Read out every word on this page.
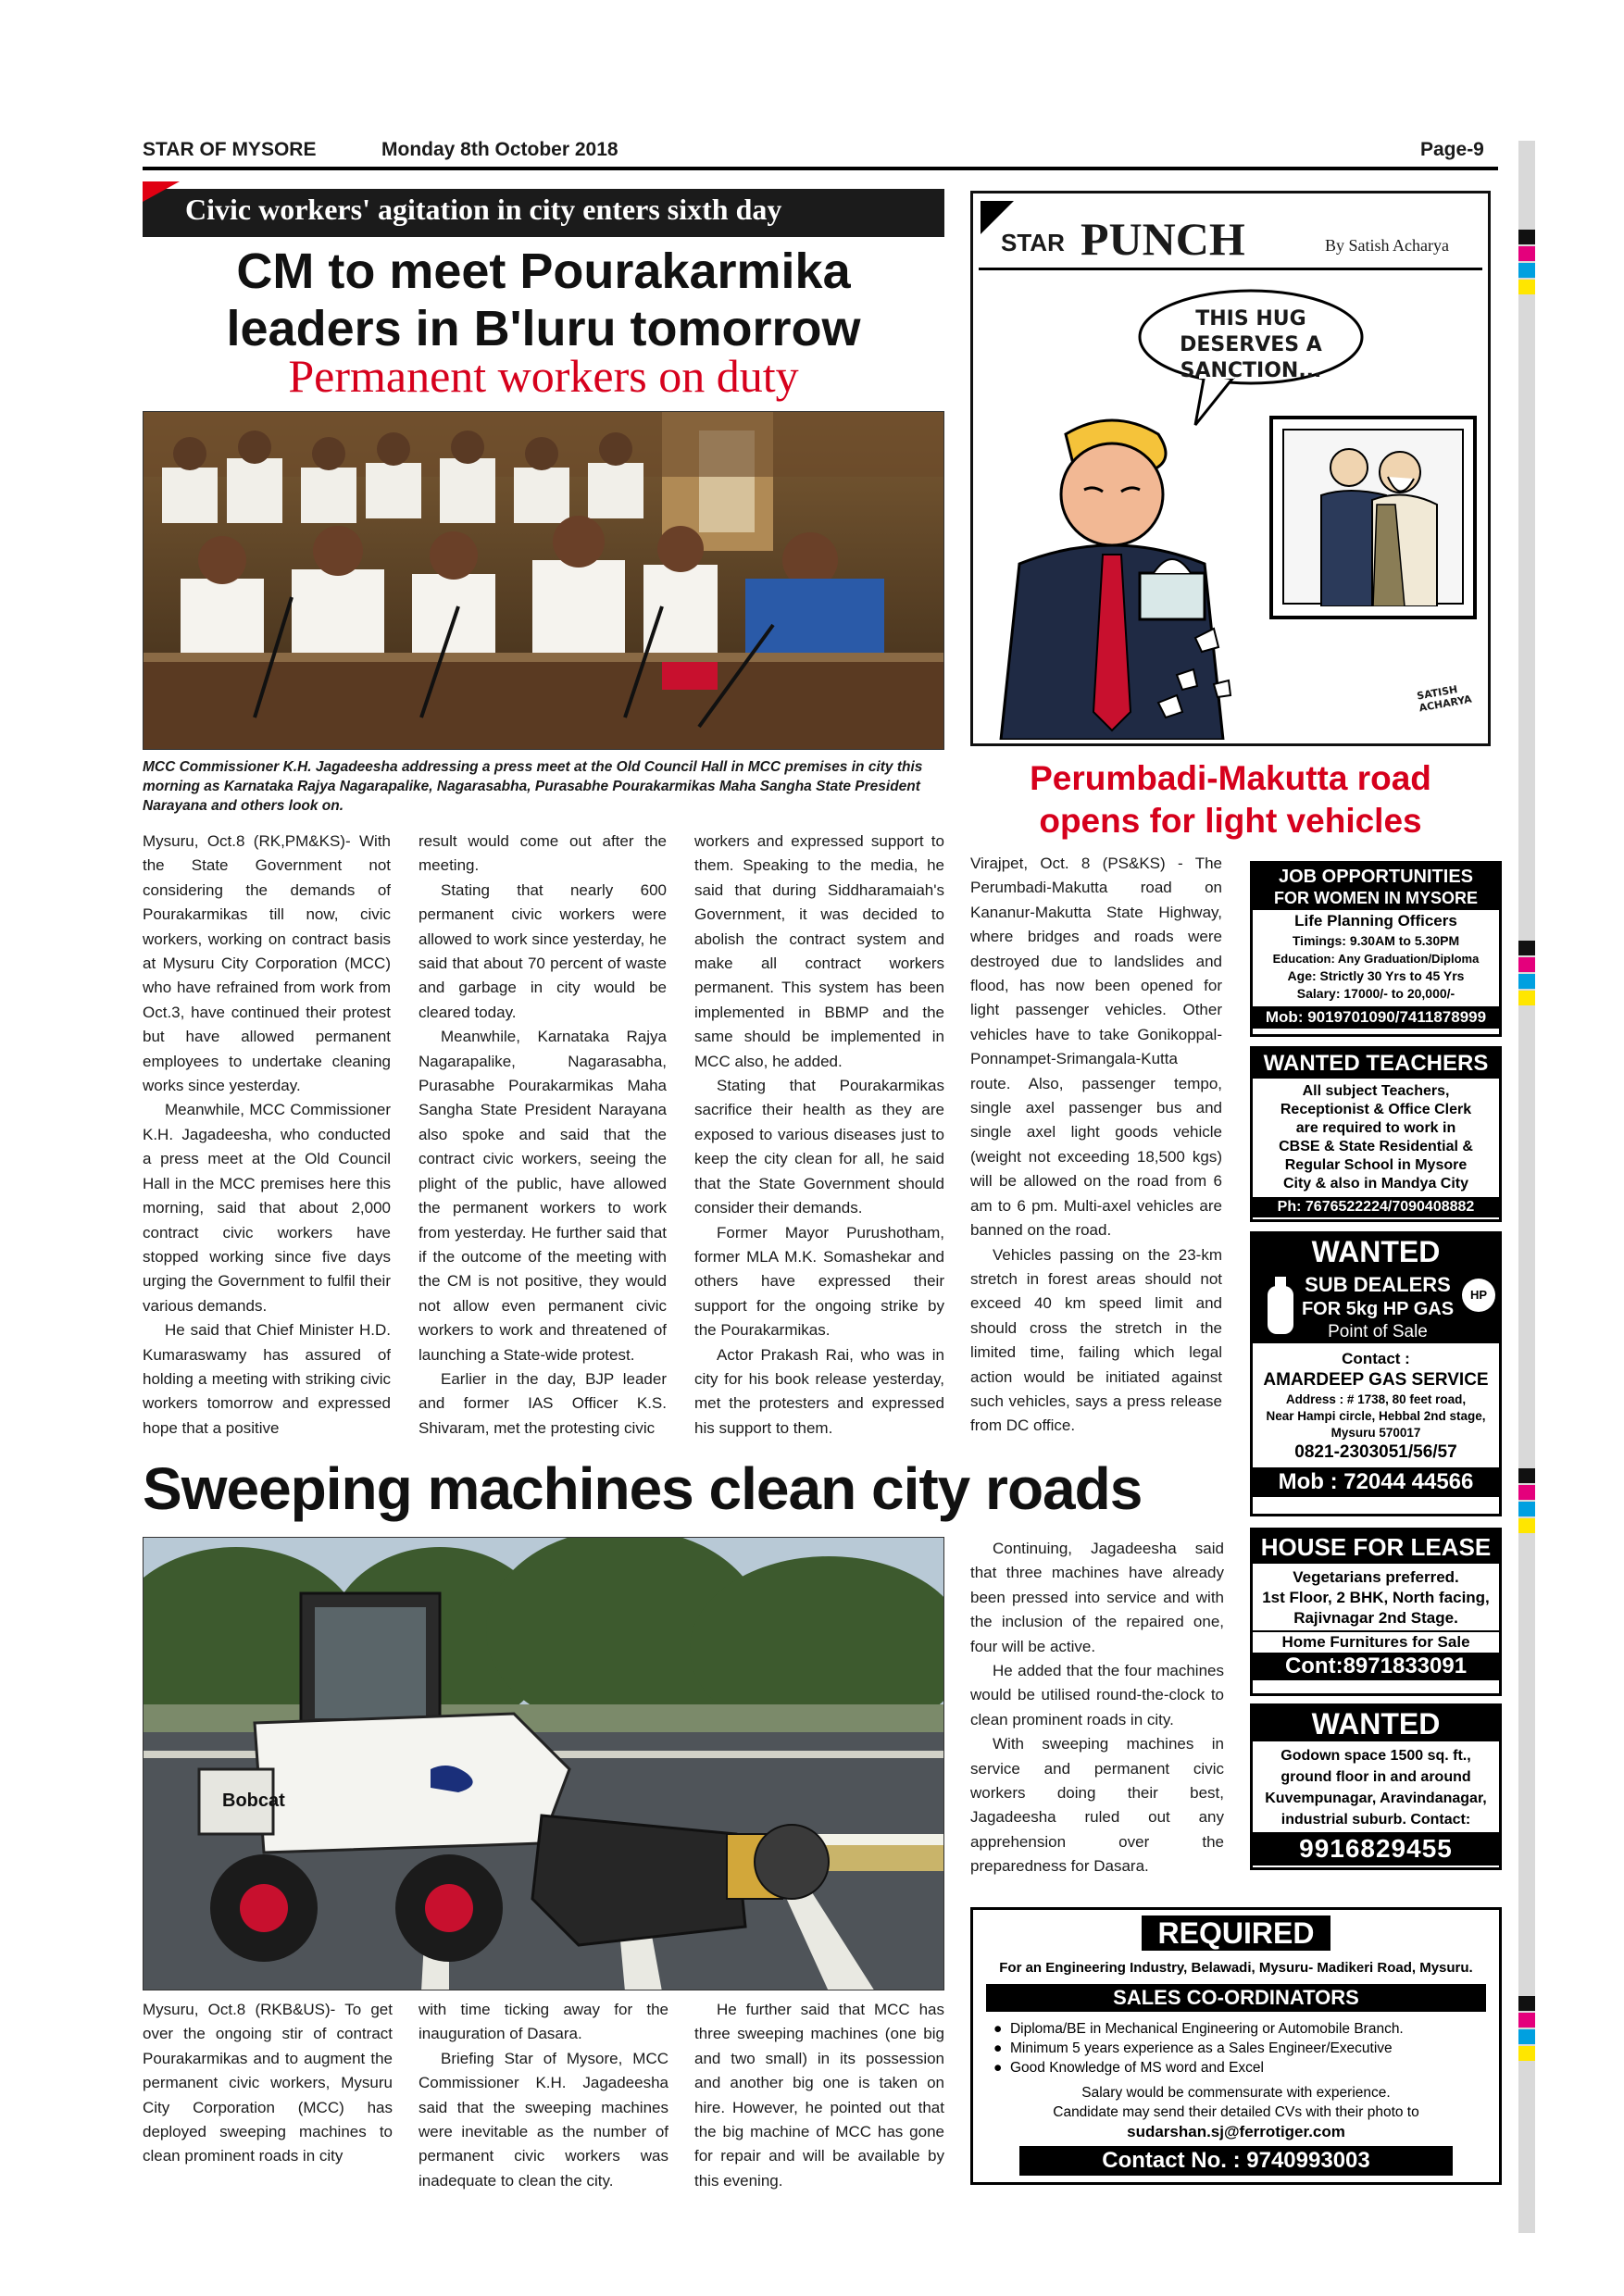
STAR OF MYSORE	Monday 8th October 2018	Page-9
Civic workers' agitation in city enters sixth day
CM to meet Pourakarmika
leaders in B'luru tomorrow
Permanent workers on duty
MCC Commissioner K.H. Jagadeesha addressing a press meet at the Old Council Hall in MCC premises in city this morning as Karnataka Rajya Nagarapalike, Nagarasabha, Purasabhe Pourakarmikas Maha Sangha State President Narayana and others look on.

Mysuru, Oct.8 (RK,PM&KS)- With the State Government not considering the demands of Pourakarmikas till now, civic workers, working on contract basis at Mysuru City Corporation (MCC) who have refrained from work from Oct.3, have continued their protest but have allowed permanent employees to undertake cleaning works since yesterday.

Meanwhile, MCC Commissioner K.H. Jagadeesha, who conducted a press meet at the Old Council Hall in the MCC premises here this morning, said that about 2,000 contract civic workers have stopped working since five days urging the Government to fulfil their various demands.

He said that Chief Minister H.D. Kumaraswamy has assured of holding a meeting with striking civic workers tomorrow and expressed hope that a positive

result would come out after the meeting.

Stating that nearly 600 permanent civic workers were allowed to work since yesterday, he said that about 70 percent of waste and garbage in city would be cleared today.

Meanwhile, Karnataka Rajya Nagarapalike, Nagarasabha, Purasabhe Pourakarmikas Maha Sangha State President Narayana also spoke and said that the contract civic workers, seeing the plight of the public, have allowed the permanent workers to work from yesterday. He further said that if the outcome of the meeting with the CM is not positive, they would not allow even permanent civic workers to work and threatened of launching a State-wide protest.

Earlier in the day, BJP leader and former IAS Officer K.S. Shivaram, met the protesting civic

workers and expressed support to them. Speaking to the media, he said that during Siddharamaiah's Government, it was decided to abolish the contract system and make all contract workers permanent. This system has been implemented in BBMP and the same should be implemented in MCC also, he added.

Stating that Pourakarmikas sacrifice their health as they are exposed to various diseases just to keep the city clean for all, he said that the State Government should consider their demands.

Former Mayor Purushotham, former MLA M.K. Somashekar and others have expressed their support for the ongoing strike by the Pourakarmikas.

Actor Prakash Rai, who was in city for his book release yesterday, met the protesters and expressed his support to them.

STAR PUNCH	By Satish Acharya
THIS HUG DESERVES A SANCTION...
SATISH ACHARYA
Perumbadi-Makutta road
opens for light vehicles

Virajpet, Oct. 8 (PS&KS) - The Perumbadi-Makutta road on Kananur-Makutta State Highway, where bridges and roads were destroyed due to landslides and flood, has now been opened for light passenger vehicles. Other vehicles have to take Gonikoppal-Ponnampet-Srimangala-Kutta route. Also, passenger tempo, single axel passenger bus and single axel light goods vehicle (weight not exceeding 18,500 kgs) will be allowed on the road from 6 am to 6 pm. Multi-axel vehicles are banned on the road.

Vehicles passing on the 23-km stretch in forest areas should not exceed 40 km speed limit and should cross the stretch in the limited time, failing which legal action would be initiated against such vehicles, says a press release from DC office.

JOB OPPORTUNITIES
FOR WOMEN IN MYSORE
Life Planning Officers
Timings: 9.30AM to 5.30PM
Education: Any Graduation/Diploma
Age: Strictly 30 Yrs to 45 Yrs
Salary: 17000/- to 20,000/-
Mob: 9019701090/7411878999
WANTED TEACHERS
All subject Teachers,
Receptionist & Office Clerk
are required to work in
CBSE & State Residential &
Regular School in Mysore
City & also in Mandya City
Ph: 7676522224/7090408882
WANTED
SUB DEALERS
FOR 5kg HP GAS
Point of Sale
HP
Contact :
AMARDEEP GAS SERVICE
Address : # 1738, 80 feet road,
Near Hampi circle, Hebbal 2nd stage,
Mysuru 570017
0821-2303051/56/57
Mob : 72044 44566
HOUSE FOR LEASE
Vegetarians preferred.
1st Floor, 2 BHK, North facing,
Rajivnagar 2nd Stage.
Home Furnitures for Sale
Cont:8971833091
WANTED
Godown space 1500 sq. ft.,
ground floor in and around
Kuvempunagar, Aravindanagar,
industrial suburb. Contact:
9916829455
Sweeping machines clean city roads
Bobcat

Mysuru, Oct.8 (RKB&US)- To get over the ongoing stir of contract Pourakarmikas and to augment the permanent civic workers, Mysuru City Corporation (MCC) has deployed sweeping machines to clean prominent roads in city

with time ticking away for the inauguration of Dasara.

Briefing Star of Mysore, MCC Commissioner K.H. Jagadeesha said that the sweeping machines were inevitable as the number of permanent civic workers was inadequate to clean the city.

He further said that MCC has three sweeping machines (one big and two small) in its possession and another big one is taken on hire. However, he pointed out that the big machine of MCC has gone for repair and will be available by this evening.

Continuing, Jagadeesha said that three machines have already been pressed into service and with the inclusion of the repaired one, four will be active.

He added that the four machines would be utilised round-the-clock to clean prominent roads in city.

With sweeping machines in service and permanent civic workers doing their best, Jagadeesha ruled out any apprehension over the preparedness for Dasara.

REQUIRED
For an Engineering Industry, Belawadi, Mysuru- Madikeri Road, Mysuru.
SALES CO-ORDINATORS
●  Diploma/BE in Mechanical Engineering or Automobile Branch.
●  Minimum 5 years experience as a Sales Engineer/Executive
●  Good Knowledge of MS word and Excel
Salary would be commensurate with experience.
Candidate may send their detailed CVs with their photo to
sudarshan.sj@ferrotiger.com
Contact No. : 9740993003
